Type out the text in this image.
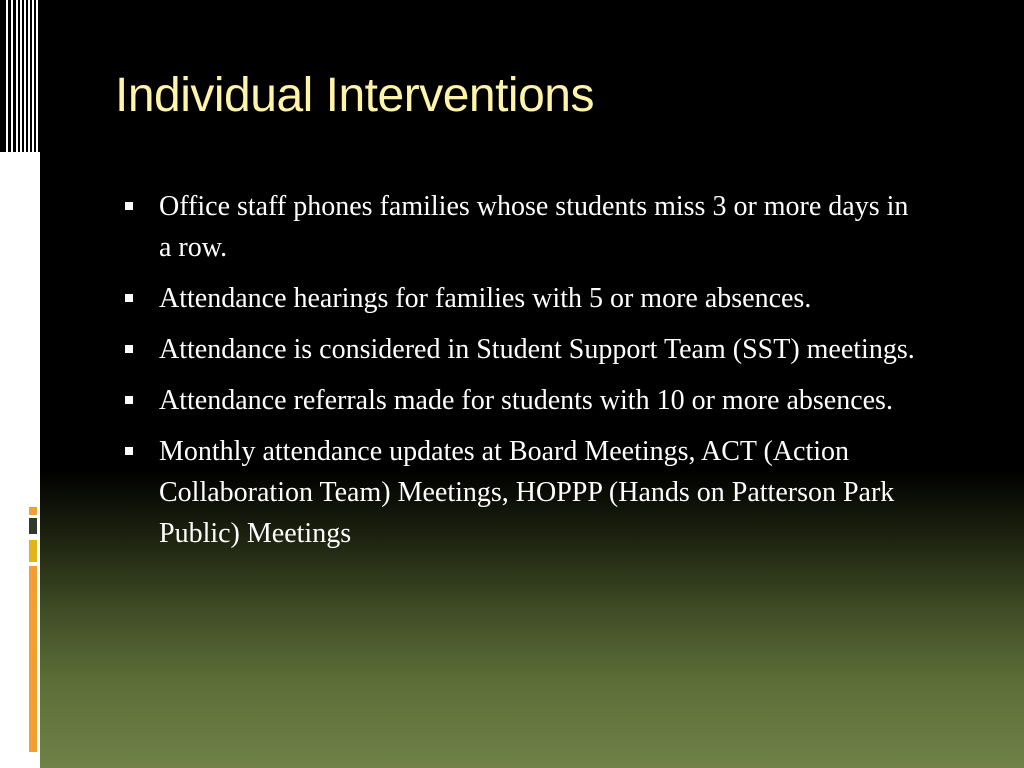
Individual Interventions
Office staff phones families whose students miss 3 or more days in a row.
Attendance hearings for families with 5 or more absences.
Attendance is considered in Student Support Team (SST) meetings.
Attendance referrals made for students with 10 or more absences.
Monthly attendance updates at Board Meetings, ACT (Action Collaboration Team) Meetings, HOPPP (Hands on Patterson Park Public) Meetings
